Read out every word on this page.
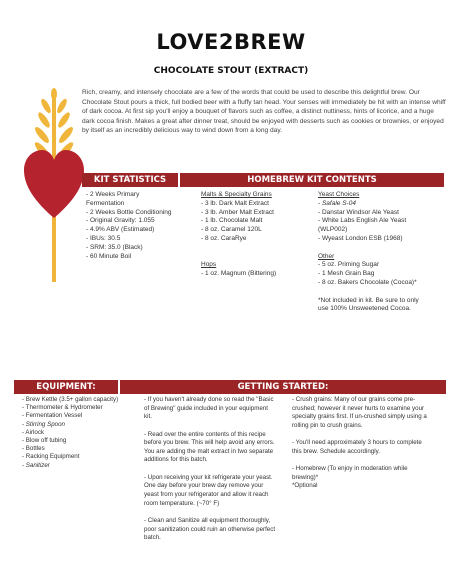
LOVE2BREW
CHOCOLATE STOUT (EXTRACT)

Rich, creamy, and intensely chocolate are a few of the words that could be used to describe this delightful brew. Our Chocolate Stout pours a thick, full bodied beer with a fluffy tan head. Your senses will immediately be hit with an intense whiff of dark cocoa. At first sip you'll enjoy a bouquet of flavors such as coffee, a distinct nuttiness, hints of licorice, and a huge dark cocoa finish. Makes a great after dinner treat, should be enjoyed with desserts such as cookies or brownies, or enjoyed by itself as an incredibly delicious way to wind down from a long day.

KIT STATISTICS	HOMEBREW KIT CONTENTS
- 2 Weeks Primary Fermentation
- 2 Weeks Bottle Conditioning
- Original Gravity: 1.055
- 4.9% ABV (Estimated)
- IBUs: 30.5
- SRM: 35.0 (Black)
- 60 Minute Boil
Malts & Specialty Grains
- 3 lb. Dark Malt Extract
- 3 lb. Amber Malt Extract
- 1 lb. Chocolate Malt
- 8 oz. Caramel 120L
- 8 oz. CaraRye
Hops
- 1 oz. Magnum (Bittering)
Yeast Choices
- Safale S-04
- Danstar Windsor Ale Yeast
- White Labs English Ale Yeast (WLP002)
- Wyeast London ESB (1968)
Other
- 5 oz. Priming Sugar
- 1 Mesh Grain Bag
- 8 oz. Bakers Chocolate (Cocoa)*

*Not included in kit. Be sure to only use 100% Unsweetened Cocoa.

EQUIPMENT:	GETTING STARTED:
- Brew Kettle (3.5+ gallon capacity)
- Thermometer & Hydrometer
- Fermentation Vessel
- Stirring Spoon
- Airlock
- Blow off tubing
- Bottles
- Racking Equipment
- Sanitizer

- If you haven't already done so read the "Basic of Brewing" guide included in your equipment kit.

- Read over the entire contents of this recipe before you brew. This will help avoid any errors. You are adding the malt extract in two separate additions for this batch.

- Upon receiving your kit refrigerate your yeast. One day before your brew day remove your yeast from your refrigerator and allow it reach room temperature. (~70° F)

- Clean and Sanitize all equipment thoroughly, poor sanitization could ruin an otherwise perfect batch.

- Crush grains: Many of our grains come pre-crushed; however it never hurts to examine your specialty grains first. If un-crushed simply using a rolling pin to crush grains.

- You'll need approximately 3 hours to complete this brew. Schedule accordingly.

- Homebrew (To enjoy in moderation while brewing)*
*Optional
